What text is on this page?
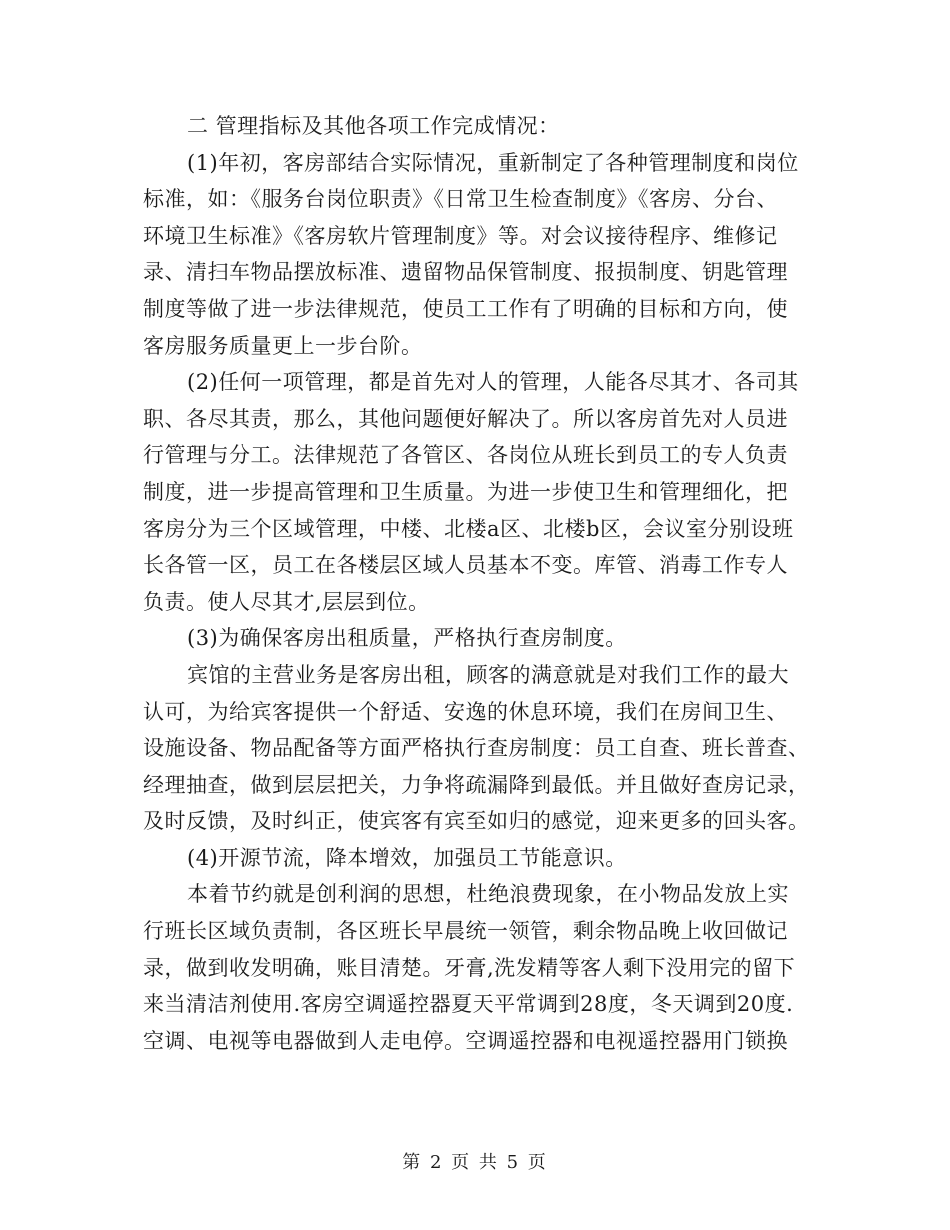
二 管理指标及其他各项工作完成情况：

(1)年初，客房部结合实际情况，重新制定了各种管理制度和岗位

标准，如：《服务台岗位职责》《日常卫生检查制度》《客房、分台、

环境卫生标准》《客房软片管理制度》等。对会议接待程序、维修记

录、清扫车物品摆放标准、遗留物品保管制度、报损制度、钥匙管理

制度等做了进一步法律规范，使员工工作有了明确的目标和方向，使

客房服务质量更上一步台阶。

(2)任何一项管理，都是首先对人的管理，人能各尽其才、各司其

职、各尽其责，那么，其他问题便好解决了。所以客房首先对人员进

行管理与分工。法律规范了各管区、各岗位从班长到员工的专人负责

制度，进一步提高管理和卫生质量。为进一步使卫生和管理细化，把

客房分为三个区域管理，中楼、北楼a区、北楼b区，会议室分别设班

长各管一区，员工在各楼层区域人员基本不变。库管、消毒工作专人

负责。使人尽其才,层层到位。

(3)为确保客房出租质量，严格执行查房制度。

宾馆的主营业务是客房出租，顾客的满意就是对我们工作的最大

认可，为给宾客提供一个舒适、安逸的休息环境，我们在房间卫生、

设施设备、物品配备等方面严格执行查房制度：员工自查、班长普查、

经理抽查，做到层层把关，力争将疏漏降到最低。并且做好查房记录，

及时反馈，及时纠正，使宾客有宾至如归的感觉，迎来更多的回头客。

(4)开源节流，降本增效，加强员工节能意识。

本着节约就是创利润的思想，杜绝浪费现象，在小物品发放上实

行班长区域负责制，各区班长早晨统一领管，剩余物品晚上收回做记

录，做到收发明确，账目清楚。牙膏,洗发精等客人剩下没用完的留下

来当清洁剂使用.客房空调遥控器夏天平常调到28度，冬天调到20度.

空调、电视等电器做到人走电停。空调遥控器和电视遥控器用门锁换

第 2 页 共 5 页
